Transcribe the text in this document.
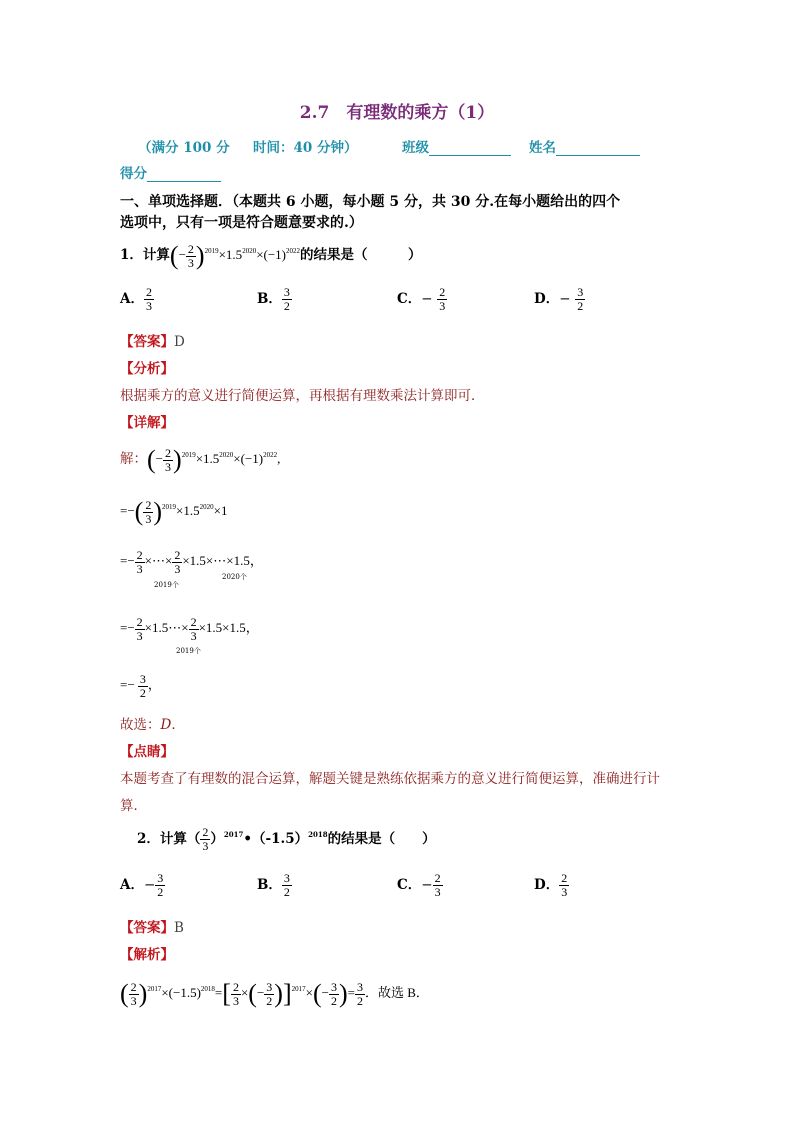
2.7　有理数的乘方（1）
（满分 100 分 时间：40 分钟）	班级	姓名
得分
一、单项选择题．（本题共 6 小题，每小题 5 分，共 30 分.在每小题给出的四个
选项中，只有一项是符合题意要求的.）
1．计算(− $\frac{2}{3} )^{2019}\times 1.5^{2020}\times(-1)^{2022}$的结果是（　　　）
A． $\frac{2}{3}$	B． $\frac{3}{2}$	C．− $\frac{2}{3}$	D．− $\frac{3}{2}$
【答案】D
【分析】
根据乘方的意义进行简便运算，再根据有理数乘法计算即可．
【详解】
解：(− $\frac{2}{3} )^{2019}\times 1.5^{2020}\times(-1)^{2022}$,
=−( $\frac{2}{3} )^{2019}\times 1.5^{2020}\times 1$
=− $\frac{2}{3}$ ×⋯× $\frac{2}{3}$ ×1.5×⋯×1.5，
2019个
2020个
=− $\frac{2}{3}$ ×1.5⋯× $\frac{2}{3} \times 1.5\times 1.5$，
2019个
=− $\frac{3}{2}$ ，
故选：D．
【点睛】
本题考查了有理数的混合运算，解题关键是熟练依据乘方的意义进行简便运算，准确进行计
算．
2．计算（ $\frac{2}{3}$ ）$^{2017}•(-1.5)^{2018}$的结果是（　　）
A．− $\frac{3}{2}$	B． $\frac{3}{2}$	C．− $\frac{2}{3}$	D． $\frac{2}{3}$
【答案】B
【解析】
( $\frac{2}{3} )^{2017}\times(-1.5)^{2018}=[ \frac{2}{3}$ ×(− $\frac{3}{2} )]^{2017}\times(- \frac{3}{2}$ )= $\frac{3}{2}$ ．故选 B．
